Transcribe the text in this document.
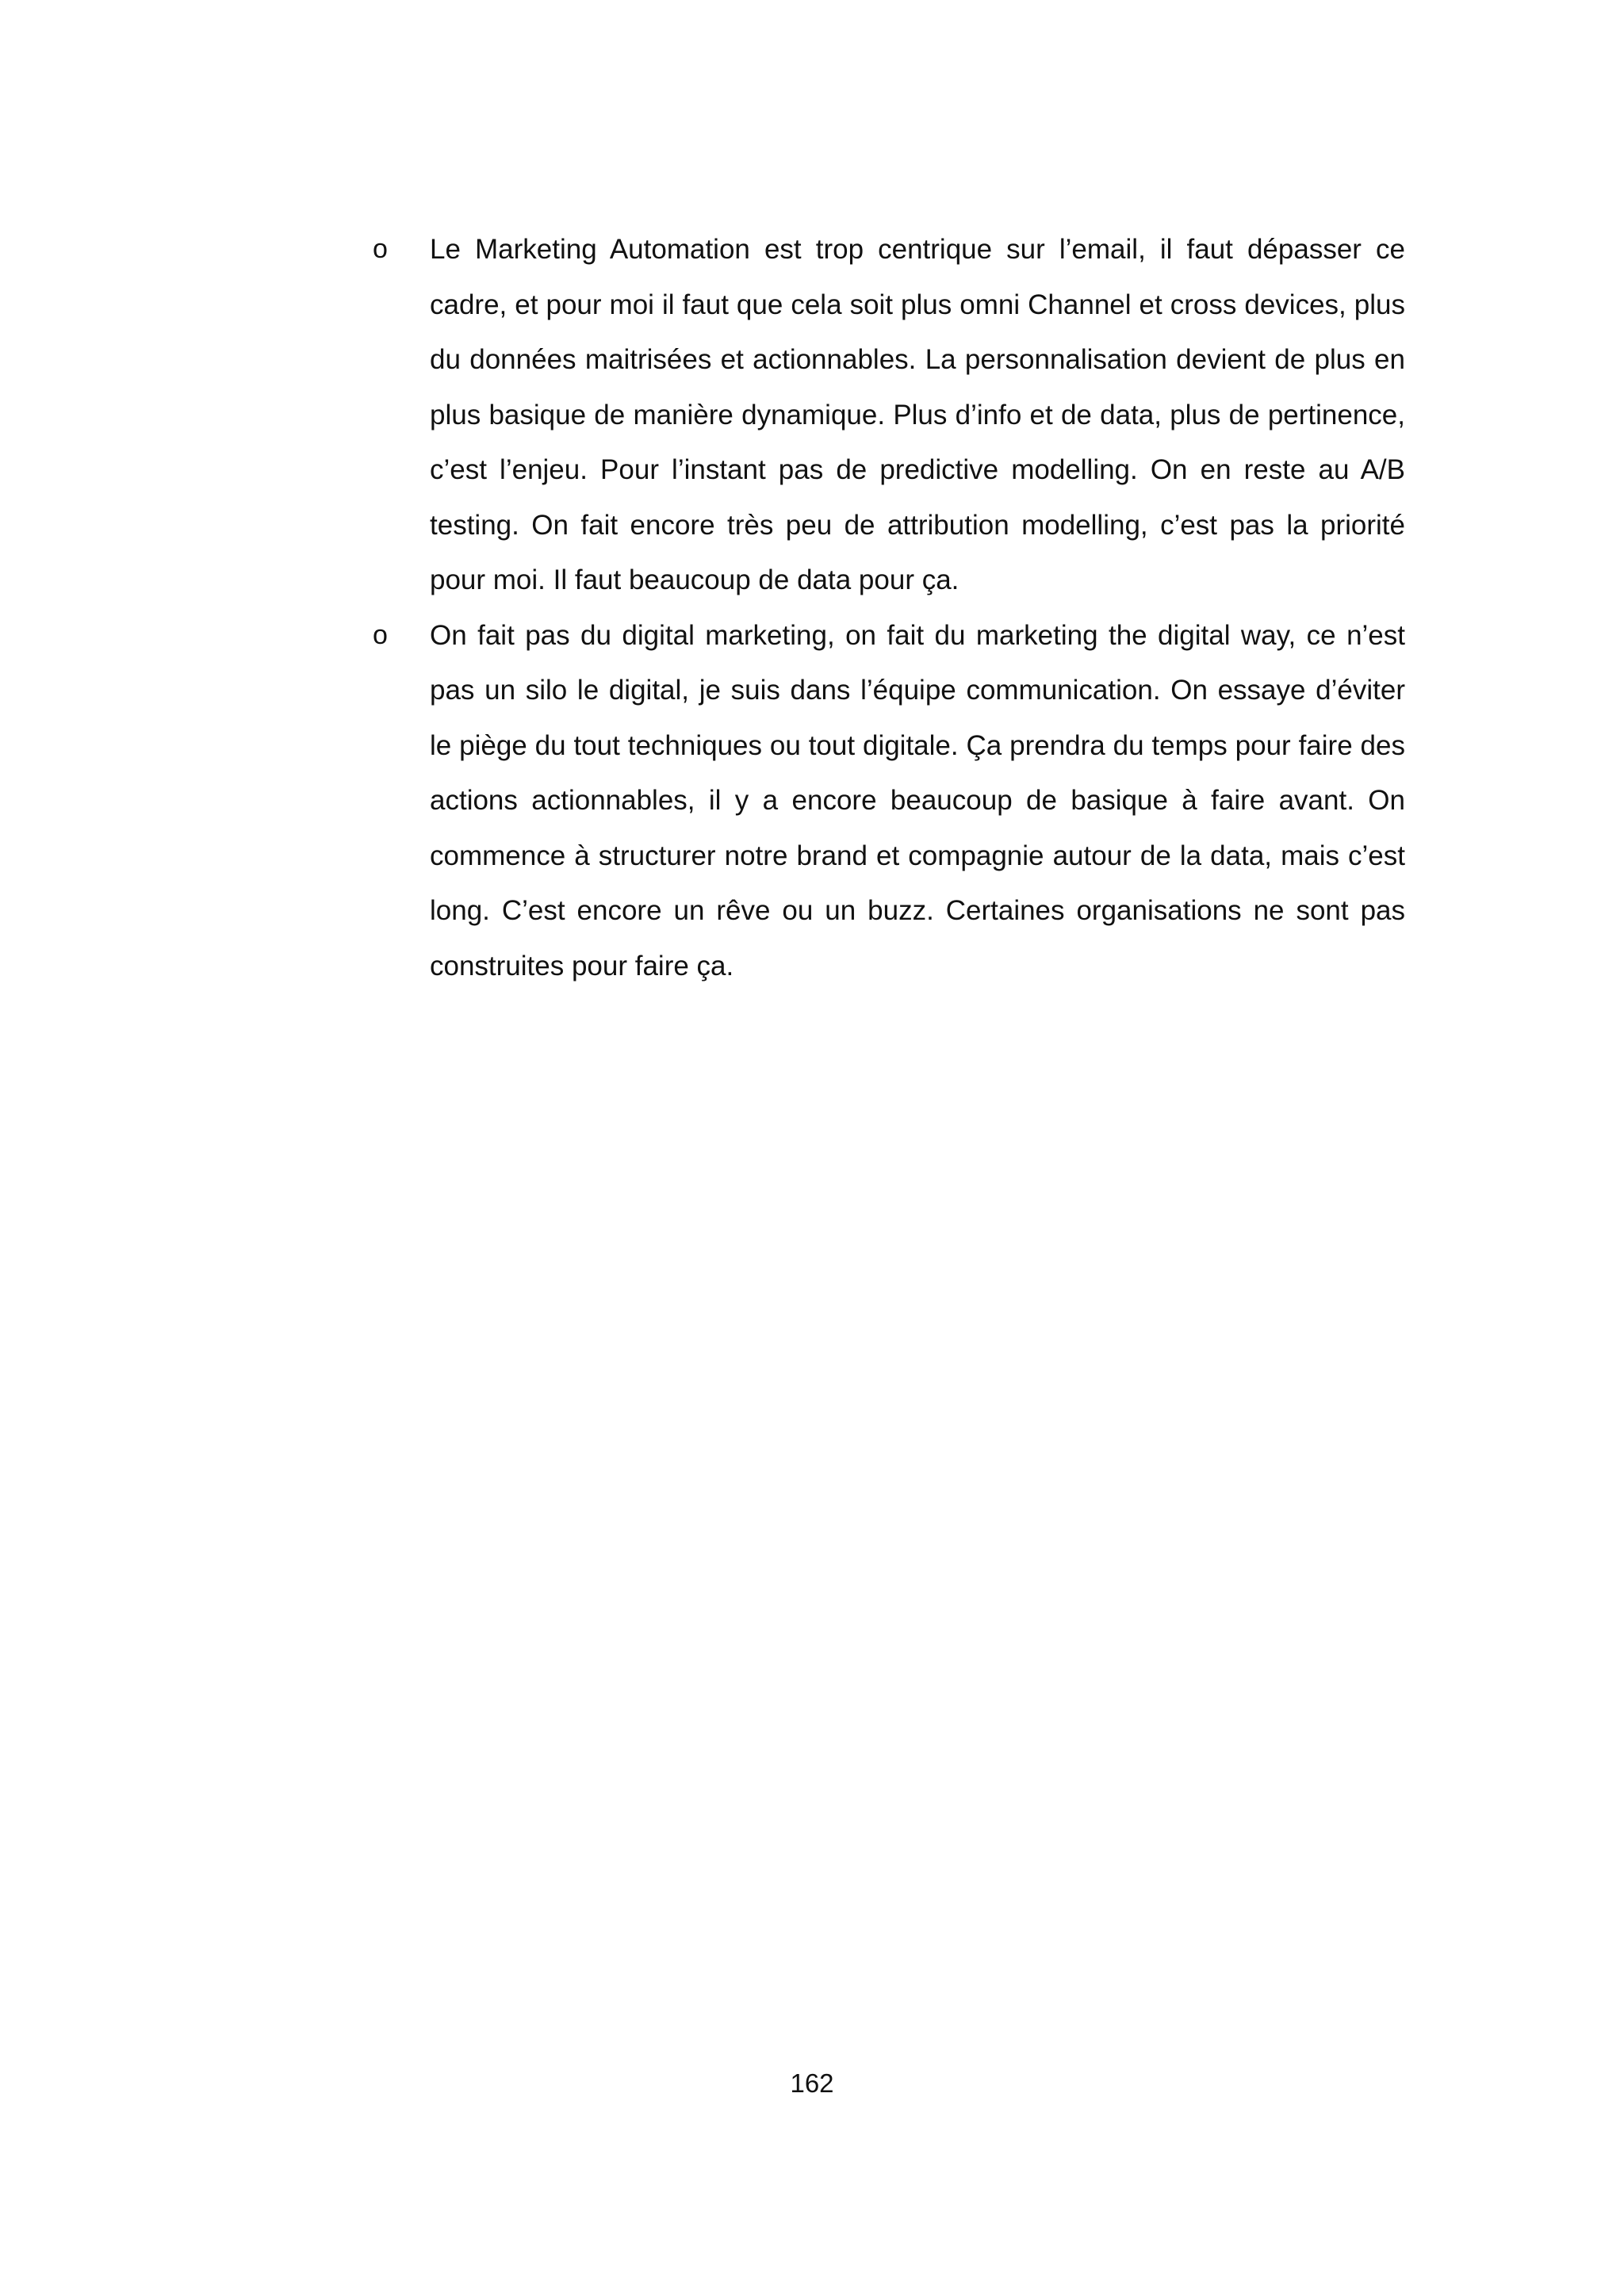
o Le Marketing Automation est trop centrique sur l’email, il faut dépasser ce cadre, et pour moi il faut que cela soit plus omni Channel et cross devices, plus du données maitrisées et actionnables. La personnalisation devient de plus en plus basique de manière dynamique. Plus d’info et de data, plus de pertinence, c’est l’enjeu. Pour l’instant pas de predictive modelling. On en reste au A/B testing. On fait encore très peu de attribution modelling, c’est pas la priorité pour moi. Il faut beaucoup de data pour ça.
o On fait pas du digital marketing, on fait du marketing the digital way, ce n’est pas un silo le digital, je suis dans l’équipe communication. On essaye d’éviter le piège du tout techniques ou tout digitale. Ça prendra du temps pour faire des actions actionnables, il y a encore beaucoup de basique à faire avant. On commence à structurer notre brand et compagnie autour de la data, mais c’est long. C’est encore un rêve ou un buzz. Certaines organisations ne sont pas construites pour faire ça.
162
